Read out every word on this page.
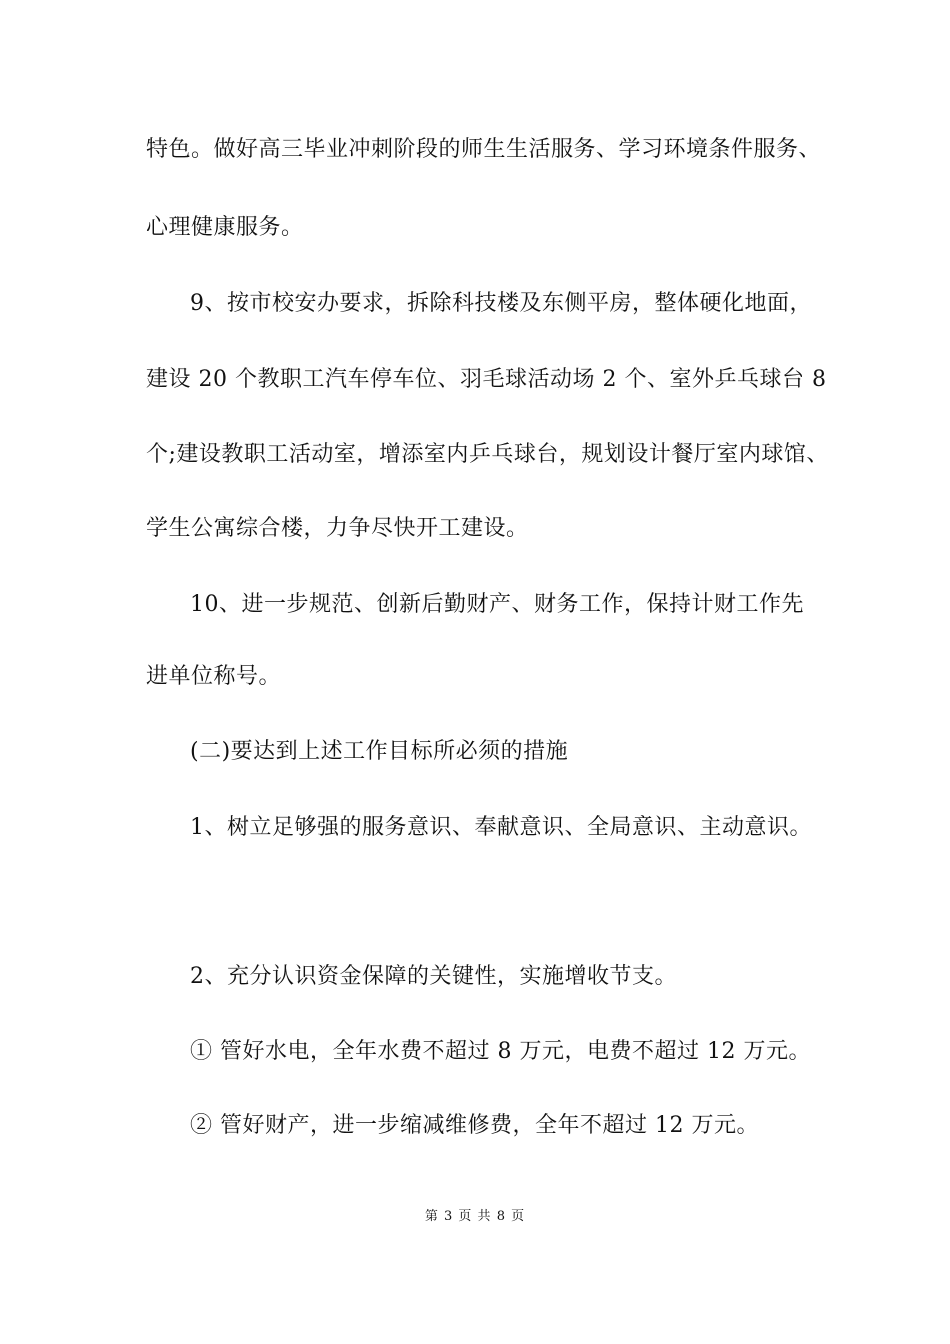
特色。做好高三毕业冲刺阶段的师生生活服务、学习环境条件服务、
心理健康服务。
9、按市校安办要求，拆除科技楼及东侧平房，整体硬化地面，
建设 20 个教职工汽车停车位、羽毛球活动场 2 个、室外乒乓球台 8
个;建设教职工活动室，增添室内乒乓球台，规划设计餐厅室内球馆、
学生公寓综合楼，力争尽快开工建设。
10、进一步规范、创新后勤财产、财务工作，保持计财工作先
进单位称号。
(二)要达到上述工作目标所必须的措施
1、树立足够强的服务意识、奉献意识、全局意识、主动意识。
2、充分认识资金保障的关键性，实施增收节支。
① 管好水电，全年水费不超过 8 万元，电费不超过 12 万元。
② 管好财产，进一步缩减维修费，全年不超过 12 万元。
第 3 页 共 8 页
